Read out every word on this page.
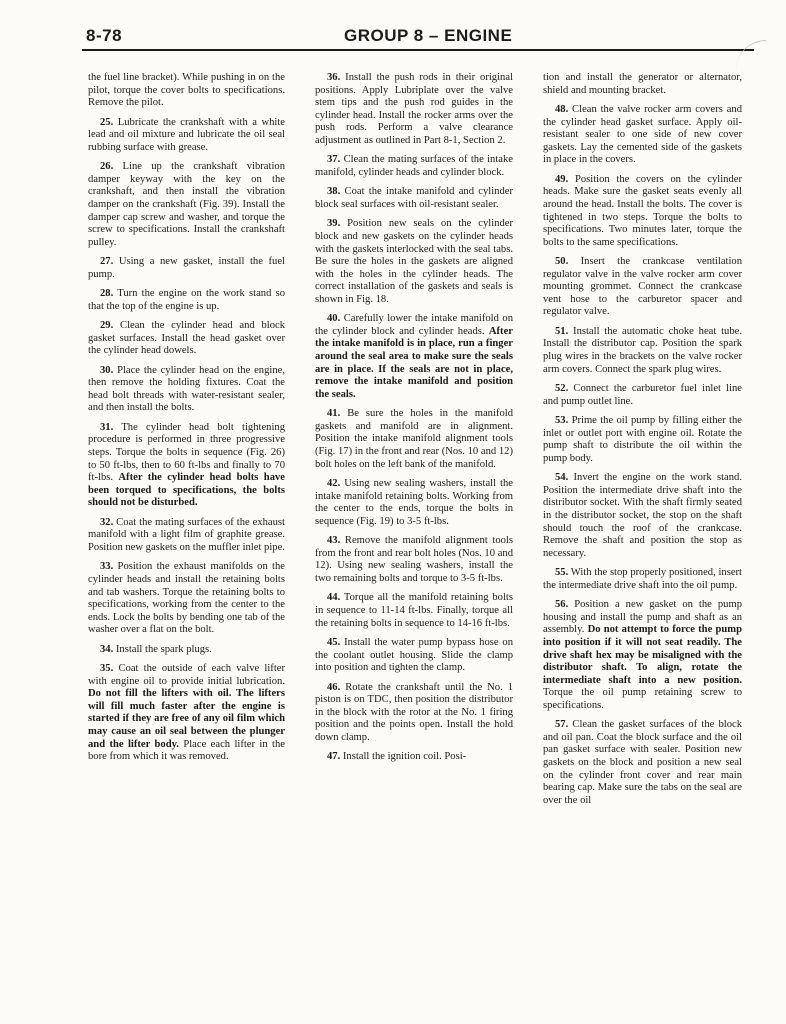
8-78	GROUP 8 – ENGINE

the fuel line bracket). While pushing in on the pilot, torque the cover bolts to specifications. Remove the pilot.

25. Lubricate the crankshaft with a white lead and oil mixture and lubricate the oil seal rubbing surface with grease.

26. Line up the crankshaft vibration damper keyway with the key on the crankshaft, and then install the vibration damper on the crankshaft (Fig. 39). Install the damper cap screw and washer, and torque the screw to specifications. Install the crankshaft pulley.

27. Using a new gasket, install the fuel pump.

28. Turn the engine on the work stand so that the top of the engine is up.

29. Clean the cylinder head and block gasket surfaces. Install the head gasket over the cylinder head dowels.

30. Place the cylinder head on the engine, then remove the holding fixtures. Coat the head bolt threads with water-resistant sealer, and then install the bolts.

31. The cylinder head bolt tightening procedure is performed in three progressive steps. Torque the bolts in sequence (Fig. 26) to 50 ft-lbs, then to 60 ft-lbs and finally to 70 ft-lbs. After the cylinder head bolts have been torqued to specifications, the bolts should not be disturbed.

32. Coat the mating surfaces of the exhaust manifold with a light film of graphite grease. Position new gaskets on the muffler inlet pipe.

33. Position the exhaust manifolds on the cylinder heads and install the retaining bolts and tab washers. Torque the retaining bolts to specifications, working from the center to the ends. Lock the bolts by bending one tab of the washer over a flat on the bolt.

34. Install the spark plugs.

35. Coat the outside of each valve lifter with engine oil to provide initial lubrication. Do not fill the lifters with oil. The lifters will fill much faster after the engine is started if they are free of any oil film which may cause an oil seal between the plunger and the lifter body. Place each lifter in the bore from which it was removed.

36. Install the push rods in their original positions. Apply Lubriplate over the valve stem tips and the push rod guides in the cylinder head. Install the rocker arms over the push rods. Perform a valve clearance adjustment as outlined in Part 8-1, Section 2.

37. Clean the mating surfaces of the intake manifold, cylinder heads and cylinder block.

38. Coat the intake manifold and cylinder block seal surfaces with oil-resistant sealer.

39. Position new seals on the cylinder block and new gaskets on the cylinder heads with the gaskets interlocked with the seal tabs. Be sure the holes in the gaskets are aligned with the holes in the cylinder heads. The correct installation of the gaskets and seals is shown in Fig. 18.

40. Carefully lower the intake manifold on the cylinder block and cylinder heads. After the intake manifold is in place, run a finger around the seal area to make sure the seals are in place. If the seals are not in place, remove the intake manifold and position the seals.

41. Be sure the holes in the manifold gaskets and manifold are in alignment. Position the intake manifold alignment tools (Fig. 17) in the front and rear (Nos. 10 and 12) bolt holes on the left bank of the manifold.

42. Using new sealing washers, install the intake manifold retaining bolts. Working from the center to the ends, torque the bolts in sequence (Fig. 19) to 3-5 ft-lbs.

43. Remove the manifold alignment tools from the front and rear bolt holes (Nos. 10 and 12). Using new sealing washers, install the two remaining bolts and torque to 3-5 ft-lbs.

44. Torque all the manifold retaining bolts in sequence to 11-14 ft-lbs. Finally, torque all the retaining bolts in sequence to 14-16 ft-lbs.

45. Install the water pump bypass hose on the coolant outlet housing. Slide the clamp into position and tighten the clamp.

46. Rotate the crankshaft until the No. 1 piston is on TDC, then position the distributor in the block with the rotor at the No. 1 firing position and the points open. Install the hold down clamp.

47. Install the ignition coil. Posi-

tion and install the generator or alternator, shield and mounting bracket.

48. Clean the valve rocker arm covers and the cylinder head gasket surface. Apply oil-resistant sealer to one side of new cover gaskets. Lay the cemented side of the gaskets in place in the covers.

49. Position the covers on the cylinder heads. Make sure the gasket seats evenly all around the head. Install the bolts. The cover is tightened in two steps. Torque the bolts to specifications. Two minutes later, torque the bolts to the same specifications.

50. Insert the crankcase ventilation regulator valve in the valve rocker arm cover mounting grommet. Connect the crankcase vent hose to the carburetor spacer and regulator valve.

51. Install the automatic choke heat tube. Install the distributor cap. Position the spark plug wires in the brackets on the valve rocker arm covers. Connect the spark plug wires.

52. Connect the carburetor fuel inlet line and pump outlet line.

53. Prime the oil pump by filling either the inlet or outlet port with engine oil. Rotate the pump shaft to distribute the oil within the pump body.

54. Invert the engine on the work stand. Position the intermediate drive shaft into the distributor socket. With the shaft firmly seated in the distributor socket, the stop on the shaft should touch the roof of the crankcase. Remove the shaft and position the stop as necessary.

55. With the stop properly positioned, insert the intermediate drive shaft into the oil pump.

56. Position a new gasket on the pump housing and install the pump and shaft as an assembly. Do not attempt to force the pump into position if it will not seat readily. The drive shaft hex may be misaligned with the distributor shaft. To align, rotate the intermediate shaft into a new position. Torque the oil pump retaining screw to specifications.

57. Clean the gasket surfaces of the block and oil pan. Coat the block surface and the oil pan gasket surface with sealer. Position new gaskets on the block and position a new seal on the cylinder front cover and rear main bearing cap. Make sure the tabs on the seal are over the oil
